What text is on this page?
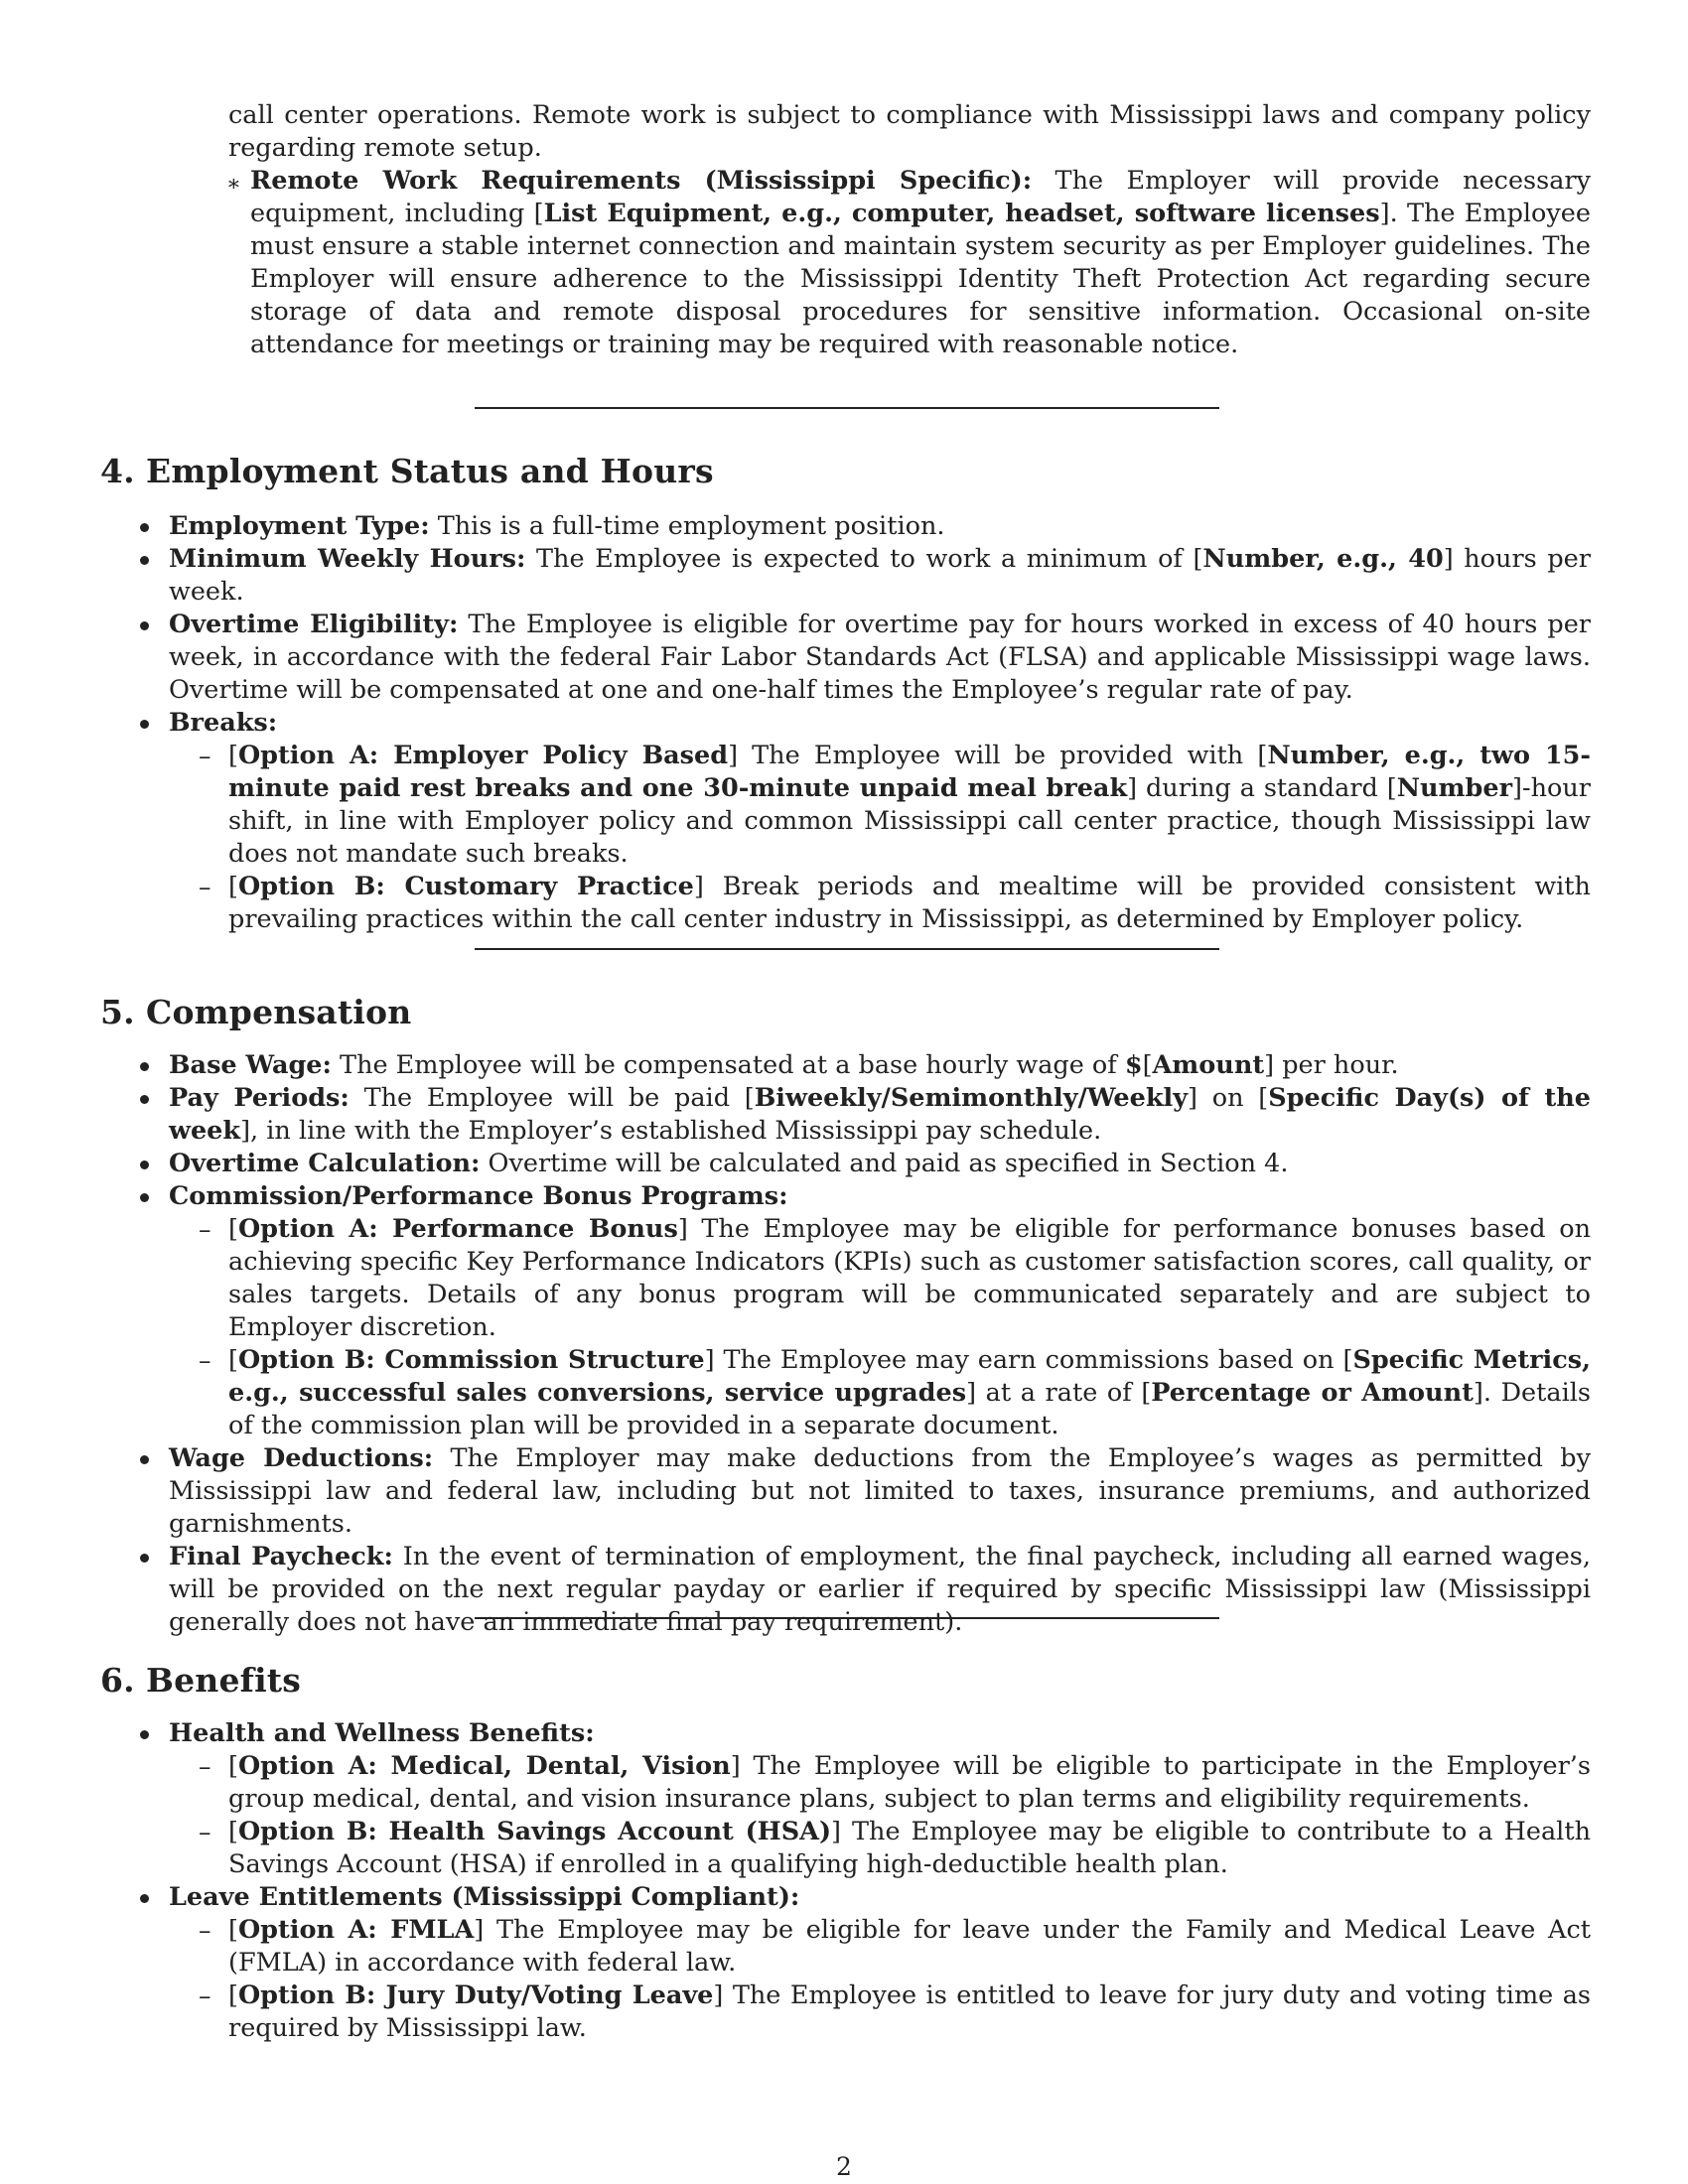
call center operations. Remote work is subject to compliance with Mississippi laws and company policy regarding remote setup.
∗ Remote Work Requirements (Mississippi Specific): The Employer will provide necessary equipment, including [List Equipment, e.g., computer, headset, software licenses]. The Employee must ensure a stable internet connection and maintain system security as per Employer guidelines. The Employer will ensure adherence to the Mississippi Identity Theft Protection Act regarding secure storage of data and remote disposal procedures for sensitive information. Occasional on-site attendance for meetings or training may be required with reasonable notice.
4. Employment Status and Hours
Employment Type: This is a full-time employment position.
Minimum Weekly Hours: The Employee is expected to work a minimum of [Number, e.g., 40] hours per week.
Overtime Eligibility: The Employee is eligible for overtime pay for hours worked in excess of 40 hours per week, in accordance with the federal Fair Labor Standards Act (FLSA) and applicable Mississippi wage laws. Overtime will be compensated at one and one-half times the Employee’s regular rate of pay.
Breaks:
– [Option A: Employer Policy Based] The Employee will be provided with [Number, e.g., two 15-minute paid rest breaks and one 30-minute unpaid meal break] during a standard [Number]-hour shift, in line with Employer policy and common Mississippi call center practice, though Mississippi law does not mandate such breaks.
– [Option B: Customary Practice] Break periods and mealtime will be provided consistent with prevailing practices within the call center industry in Mississippi, as determined by Employer policy.
5. Compensation
Base Wage: The Employee will be compensated at a base hourly wage of $[Amount] per hour.
Pay Periods: The Employee will be paid [Biweekly/Semimonthly/Weekly] on [Specific Day(s) of the week], in line with the Employer’s established Mississippi pay schedule.
Overtime Calculation: Overtime will be calculated and paid as specified in Section 4.
Commission/Performance Bonus Programs:
– [Option A: Performance Bonus] The Employee may be eligible for performance bonuses based on achieving specific Key Performance Indicators (KPIs) such as customer satisfaction scores, call quality, or sales targets. Details of any bonus program will be communicated separately and are subject to Employer discretion.
– [Option B: Commission Structure] The Employee may earn commissions based on [Specific Metrics, e.g., successful sales conversions, service upgrades] at a rate of [Percentage or Amount]. Details of the commission plan will be provided in a separate document.
Wage Deductions: The Employer may make deductions from the Employee’s wages as permitted by Mississippi law and federal law, including but not limited to taxes, insurance premiums, and authorized garnishments.
Final Paycheck: In the event of termination of employment, the final paycheck, including all earned wages, will be provided on the next regular payday or earlier if required by specific Mississippi law (Mississippi generally does not have an immediate final pay requirement).
6. Benefits
Health and Wellness Benefits:
– [Option A: Medical, Dental, Vision] The Employee will be eligible to participate in the Employer’s group medical, dental, and vision insurance plans, subject to plan terms and eligibility requirements.
– [Option B: Health Savings Account (HSA)] The Employee may be eligible to contribute to a Health Savings Account (HSA) if enrolled in a qualifying high-deductible health plan.
Leave Entitlements (Mississippi Compliant):
– [Option A: FMLA] The Employee may be eligible for leave under the Family and Medical Leave Act (FMLA) in accordance with federal law.
– [Option B: Jury Duty/Voting Leave] The Employee is entitled to leave for jury duty and voting time as required by Mississippi law.
2
